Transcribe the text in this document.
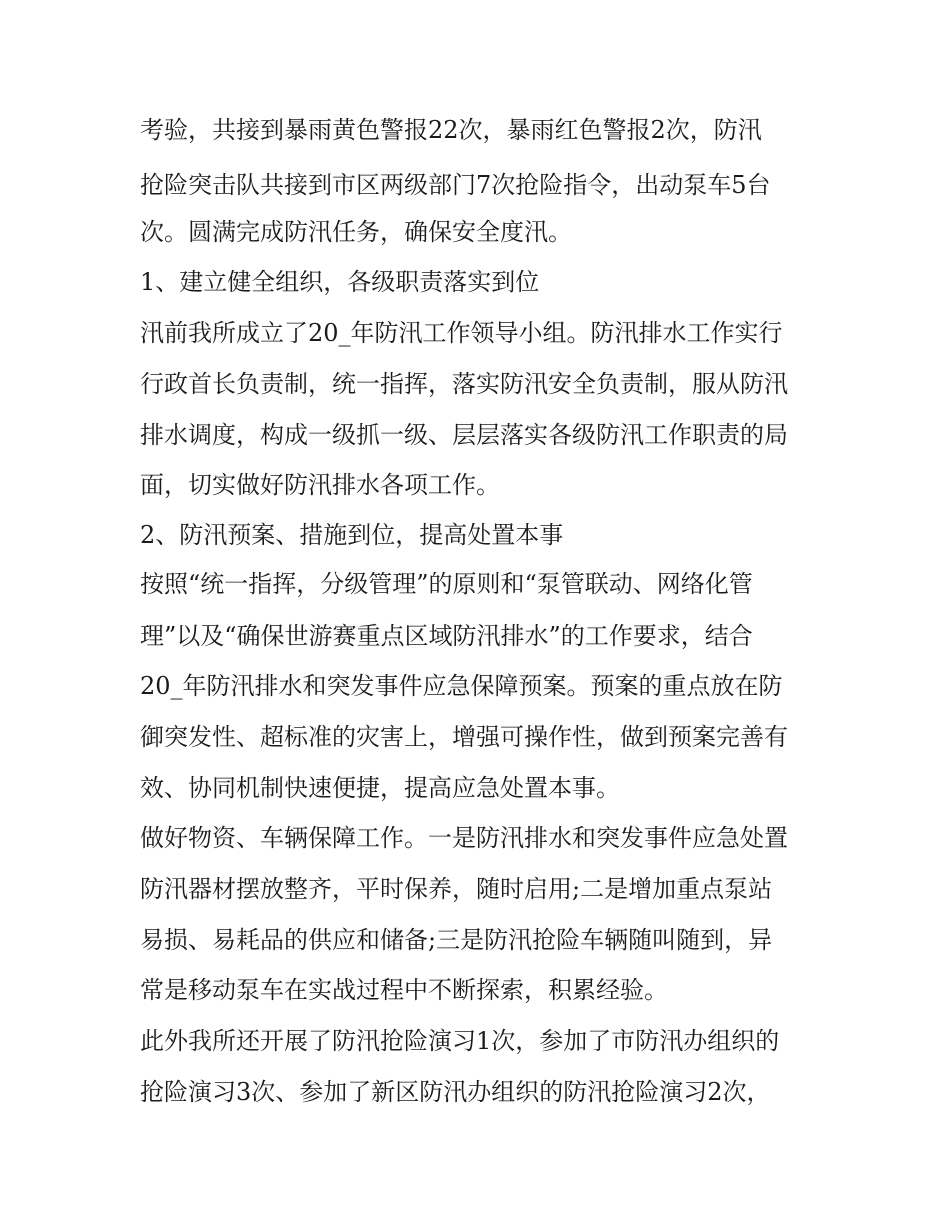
考验，共接到暴雨黄色警报22次，暴雨红色警报2次，防汛
抢险突击队共接到市区两级部门7次抢险指令，出动泵车5台
次。圆满完成防汛任务，确保安全度汛。
1、建立健全组织，各级职责落实到位
汛前我所成立了20_年防汛工作领导小组。防汛排水工作实行
行政首长负责制，统一指挥，落实防汛安全负责制，服从防汛
排水调度，构成一级抓一级、层层落实各级防汛工作职责的局
面，切实做好防汛排水各项工作。
2、防汛预案、措施到位，提高处置本事
按照“统一指挥，分级管理”的原则和“泵管联动、网络化管
理”以及“确保世游赛重点区域防汛排水”的工作要求，结合
20_年防汛排水和突发事件应急保障预案。预案的重点放在防
御突发性、超标准的灾害上，增强可操作性，做到预案完善有
效、协同机制快速便捷，提高应急处置本事。
做好物资、车辆保障工作。一是防汛排水和突发事件应急处置
防汛器材摆放整齐，平时保养，随时启用;二是增加重点泵站
易损、易耗品的供应和储备;三是防汛抢险车辆随叫随到，异
常是移动泵车在实战过程中不断探索，积累经验。
此外我所还开展了防汛抢险演习1次，参加了市防汛办组织的
抢险演习3次、参加了新区防汛办组织的防汛抢险演习2次，
